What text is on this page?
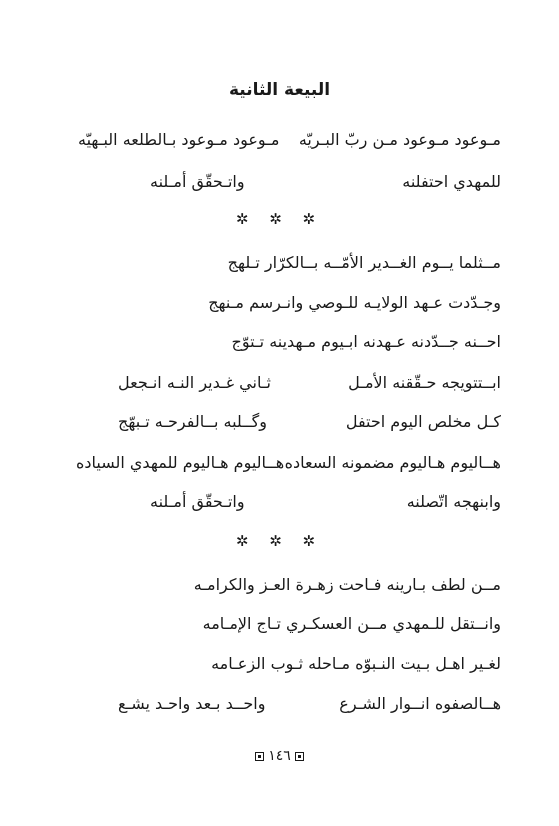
البيعة الثانية
مـوعود مـوعود مـن ربّ البـريّه
مـوعود مـوعود بـالطلعه البـهيّه
للمهدي احتفلنه
واتـحقّق أمـلنه
✲ ✲ ✲
مــثلما يــوم الغــدير الأمّــه بــالكرّار تـلهج
وجـدّدت عـهد الولايـه للـوصي وانـرسم مـنهج
احــنه جــدّدنه عـهدنه ابـيوم مـهدينه تـتوّج
ابــتتويجه حـقّقنه الأمـل
ثـاني غـدير النـه انـجعل
كـل مخلص اليوم احتفل
وگــلبه بــالفرحـه تـبهّج
هــاليوم هـاليوم مضمونه السعاده
هــاليوم هـاليوم للمهدي السياده
وابنهجه اتّصلنه
واتـحقّق أمـلنه
✲ ✲ ✲
مــن لطف بـارينه فـاحت زهـرة العـز والكرامـه
وانــتقل للـمهدي مــن العسكـري تـاج الإمـامه
لغـير اهـل بـيت النـبوّه مـاحله ثـوب الزعـامه
هــالصفوه انــوار الشـرع
واحــد بـعد واحـد يشـع
١٤٦
